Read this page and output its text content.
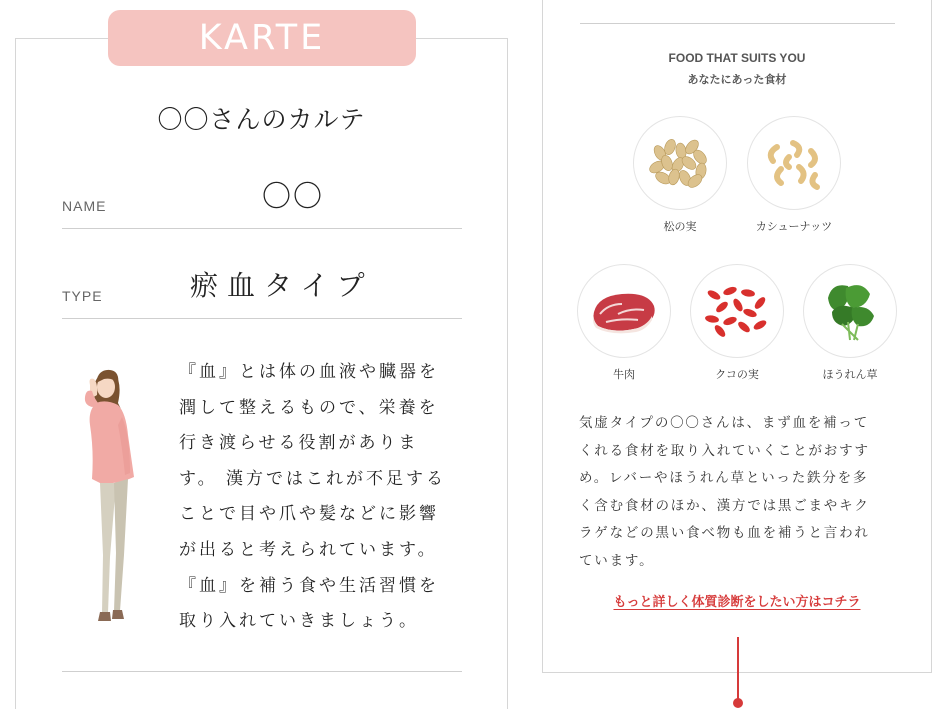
KARTE
〇〇さんのカルテ
NAME	〇〇
TYPE	瘀血タイプ

『血』とは体の血液や臓器を
潤して整えるもので、栄養を
行き渡らせる役割がありま
す。 漢方ではこれが不足する
ことで目や爪や髪などに影響
が出ると考えられています。
『血』を補う食や生活習慣を
取り入れていきましょう。

FOOD THAT SUITS YOU
あなたにあった食材
松の実	カシューナッツ
牛肉	クコの実	ほうれん草

気虚タイプの〇〇さんは、まず血を補って
くれる食材を取り入れていくことがおすす
め。レバーやほうれん草といった鉄分を多
く含む食材のほか、漢方では黒ごまやキク
ラゲなどの黒い食べ物も血を補うと言われ
ています。

もっと詳しく体質診断をしたい方はコチラ
